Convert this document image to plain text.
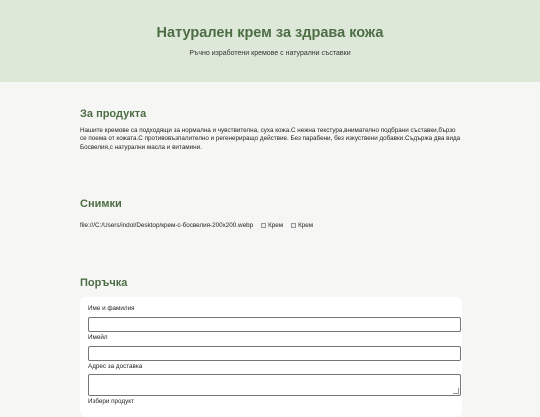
Натурален крем за здрава кожа
Ръчно изработени кремове с натурални съставки
За продукта
Нашите кремове са подходящи за нормална и чувствителна, суха кожа.С нежна текстура,внимателно подбрани съставки,бързо се поема от кожата.С противовъзпалително и регенериращо действие. Без парабени, без изкуствени добавки.Съдържа два вида Босвелия,с натурални масла и витамини.
Снимки
file:///C:/Users/indol/Desktop/крем-с-босвелия-200x200.webp Крем Крем
Поръчка
Име и фамилия
Имейл
Адрес за доставка
Избери продукт
